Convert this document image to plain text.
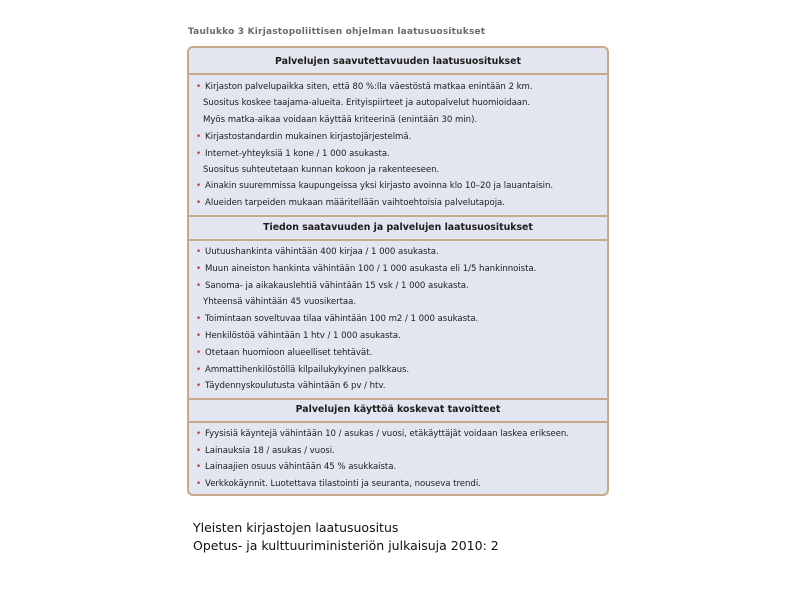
Taulukko 3 Kirjastopoliittisen ohjelman laatusuositukset
Palvelujen saavutettavuuden laatusuositukset
• Kirjaston palvelupaikka siten, että 80 %:lla väestöstä matkaa enintään 2 km.
Suositus koskee taajama-alueita. Erityispiirteet ja autopalvelut huomioidaan.
Myös matka-aikaa voidaan käyttää kriteerinä (enintään 30 min).
• Kirjastostandardin mukainen kirjastojärjestelmä.
• Internet-yhteyksiä 1 kone / 1 000 asukasta.
Suositus suhteutetaan kunnan kokoon ja rakenteeseen.
• Ainakin suuremmissa kaupungeissa yksi kirjasto avoinna klo 10–20 ja lauantaisin.
• Alueiden tarpeiden mukaan määritellään vaihtoehtoisia palvelutapoja.
Tiedon saatavuuden ja palvelujen laatusuositukset
• Uutuushankinta vähintään 400 kirjaa / 1 000 asukasta.
• Muun aineiston hankinta vähintään 100 / 1 000 asukasta eli 1/5 hankinnoista.
• Sanoma- ja aikakauslehtiä vähintään 15 vsk / 1 000 asukasta.
Yhteensä vähintään 45 vuosikertaa.
• Toimintaan soveltuvaa tilaa vähintään 100 m2 / 1 000 asukasta.
• Henkilöstöä vähintään 1 htv / 1 000 asukasta.
• Otetaan huomioon alueelliset tehtävät.
• Ammattihenkilöstöllä kilpailukykyinen palkkaus.
• Täydennyskoulutusta vähintään 6 pv / htv.
Palvelujen käyttöä koskevat tavoitteet
• Fyysisiä käyntejä vähintään 10 / asukas / vuosi, etäkäyttäjät voidaan laskea erikseen.
• Lainauksia 18 / asukas / vuosi.
• Lainaajien osuus vähintään 45 % asukkaista.
• Verkkokäynnit. Luotettava tilastointi ja seuranta, nouseva trendi.
Yleisten kirjastojen laatusuositus
Opetus- ja kulttuuriministeriön julkaisuja 2010: 2
